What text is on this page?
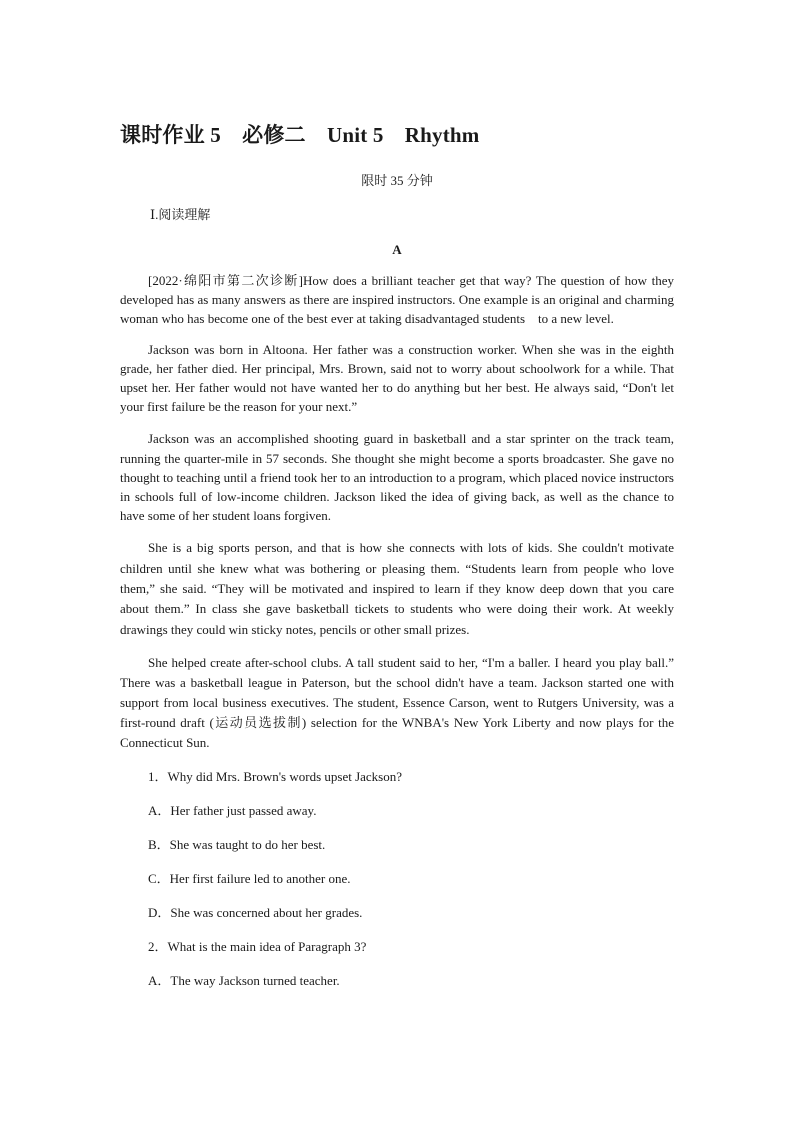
课时作业 5　必修二　Unit 5　Rhythm
限时 35 分钟
Ⅰ.阅读理解
A

[2022·绵阳市第二次诊断]How does a brilliant teacher get that way? The question of how they developed has as many answers as there are inspired instructors. One example is an original and charming woman who has become one of the best ever at taking disadvantaged students　to a new level.

Jackson was born in Altoona. Her father was a construction worker. When she was in the eighth grade, her father died. Her principal, Mrs. Brown, said not to worry about schoolwork for a while. That upset her. Her father would not have wanted her to do anything but her best. He always said, “Don't let your first failure be the reason for your next.”

Jackson was an accomplished shooting guard in basketball and a star sprinter on the track team, running the quarter-mile in 57 seconds. She thought she might become a sports broadcaster. She gave no thought to teaching until a friend took her to an introduction to a program, which placed novice instructors in schools full of low-income children. Jackson liked the idea of giving back, as well as the chance to have some of her student loans forgiven.

She is a big sports person, and that is how she connects with lots of kids. She couldn't motivate children until she knew what was bothering or pleasing them. “Students learn from people who love them,” she said. “They will be motivated and inspired to learn if they know deep down that you care about them.” In class she gave basketball tickets to students who were doing their work. At weekly drawings they could win sticky notes, pencils or other small prizes.

She helped create after-school clubs. A tall student said to her, “I'm a baller. I heard you play ball.” There was a basketball league in Paterson, but the school didn't have a team. Jackson started one with support from local business executives. The student, Essence Carson, went to Rutgers University, was a first-round draft (运动员选拔制) selection for the WNBA's New York Liberty and now plays for the Connecticut Sun.

1．Why did Mrs. Brown's words upset Jackson?
A．Her father just passed away.
B．She was taught to do her best.
C．Her first failure led to another one.
D．She was concerned about her grades.
2．What is the main idea of Paragraph 3?
A．The way Jackson turned teacher.
